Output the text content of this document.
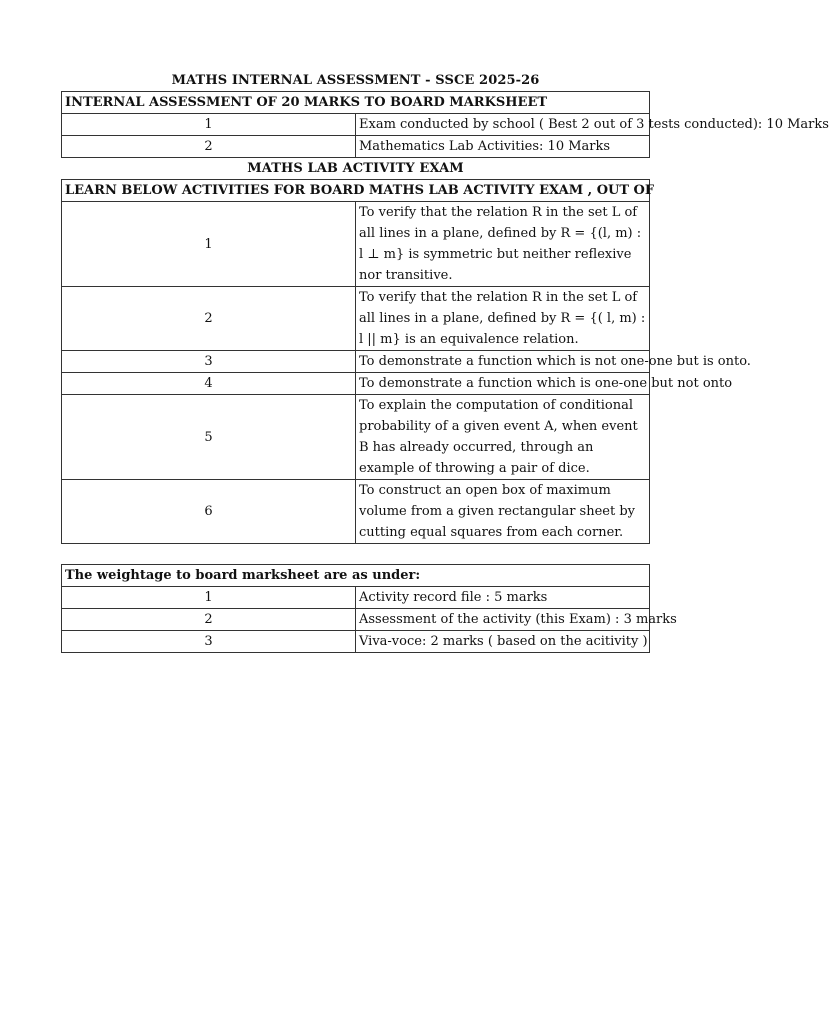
MATHS INTERNAL ASSESSMENT - SSCE 2025-26
INTERNAL ASSESSMENT OF 20 MARKS TO BOARD MARKSHEET	
1	Exam conducted by school ( Best 2 out of 3 tests conducted): 10 Marks
2	Mathematics Lab Activities: 10 Marks
MATHS LAB ACTIVITY EXAM
LEARN BELOW ACTIVITIES FOR BOARD MATHS LAB ACTIVITY EXAM , OUT OF	
1	To verify that the relation R in the set L of all lines in a plane, defined by R = {(l, m) : l ⊥ m} is symmetric but neither reflexive nor transitive.
2	To verify that the relation R in the set L of all lines in a plane, defined by R = {( l, m) : l || m} is an equivalence relation.
3	To demonstrate a function which is not one-one but is onto.
4	To demonstrate a function which is one-one but not onto
5	To explain the computation of conditional probability of a given event A, when event B has already occurred, through an example of throwing a pair of dice.
6	To construct an open box of maximum volume from a given rectangular sheet by cutting equal squares from each corner.
The weightage to board marksheet are as under:	
1	Activity record file : 5 marks
2	Assessment of the activity (this Exam) : 3 marks
3	Viva-voce: 2 marks ( based on the acitivity )
